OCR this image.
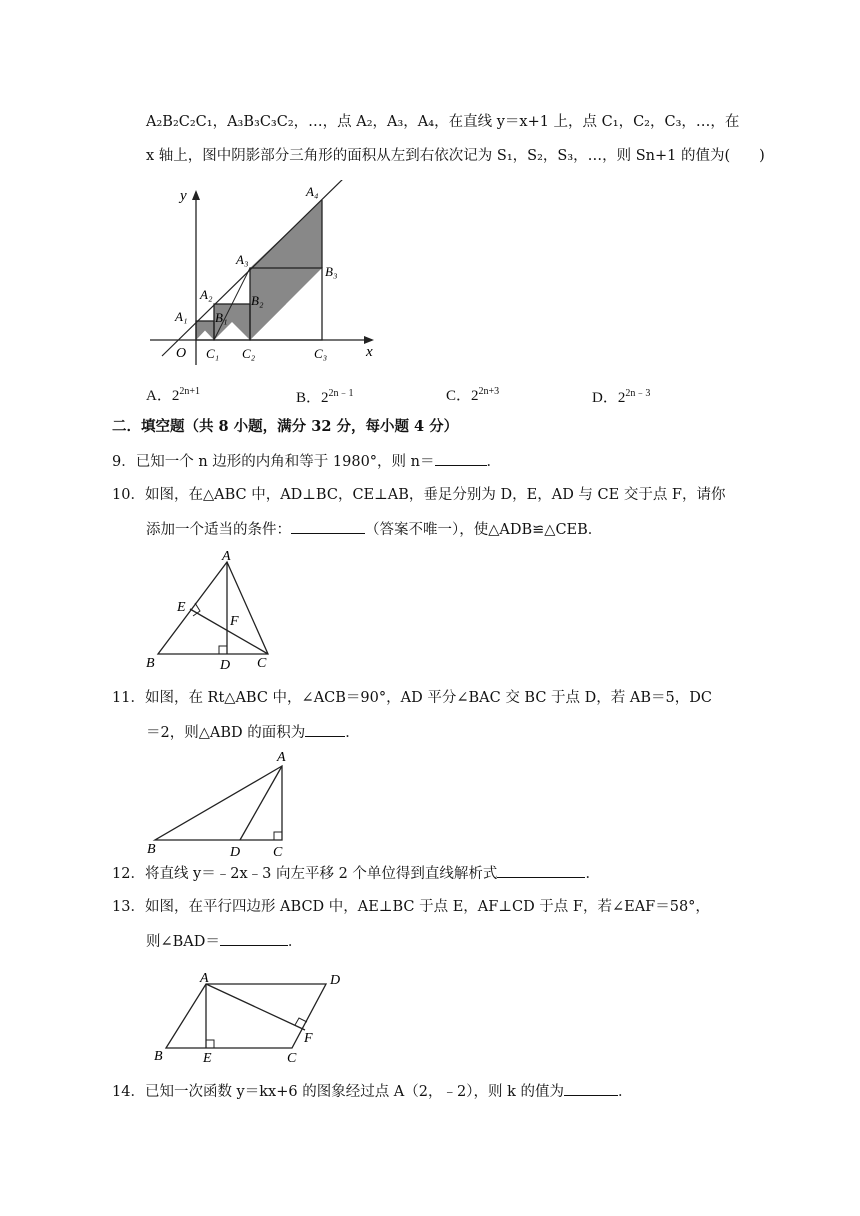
A₂B₂C₂C₁，A₃B₃C₃C₂，…，点 A₂，A₃，A₄，在直线 y＝x+1 上，点 C₁，C₂，C₃，…，在
x 轴上，图中阴影部分三角形的面积从左到右依次记为 S₁，S₂，S₃，…，则 Sn+1 的值为(　　)
y
x
O
A₁
A₂
A₃
A₄
B₁
B₂
B₃
C₁ C₂	C₃
A．$2^{2n+1}$	B．$2^{2n﹣1}$	C．$2^{2n+3}$	D．$2^{2n﹣3}$
二．填空题（共 8 小题，满分 32 分，每小题 4 分）
9．已知一个 n 边形的内角和等于 1980°，则 n＝	．
10．如图，在△ABC 中，AD⊥BC，CE⊥AB，垂足分别为 D，E，AD 与 CE 交于点 F，请你
添加一个适当的条件：	（答案不唯一），使△ADB≌△CEB．
A
B	C
D
E
F
11．如图，在 Rt△ABC 中，∠ACB＝90°，AD 平分∠BAC 交 BC 于点 D，若 AB＝5，DC
＝2，则△ABD 的面积为	．
A
B	D C
12．将直线 y＝﹣2x﹣3 向左平移 2 个单位得到直线解析式	．
13．如图，在平行四边形 ABCD 中，AE⊥BC 于点 E，AF⊥CD 于点 F，若∠EAF＝58°，
则∠BAD＝	．
A	D
B	E	C
F
14．已知一次函数 y＝kx+6 的图象经过点 A（2，﹣2），则 k 的值为	．
